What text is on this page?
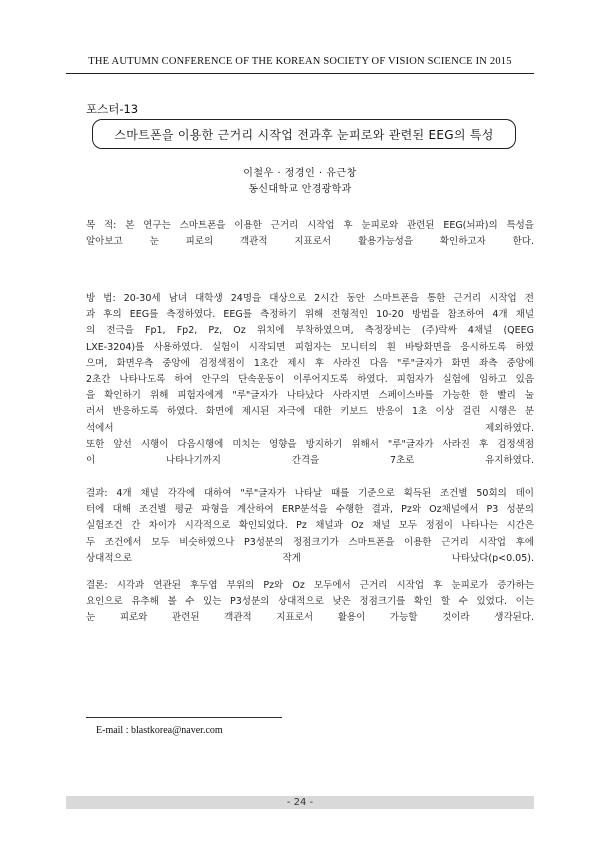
THE AUTUMN CONFERENCE OF THE KOREAN SOCIETY OF VISION SCIENCE IN 2015
포스터-13
스마트폰을 이용한 근거리 시작업 전과후 눈피로와 관련된 EEG의 특성
이철우 · 정경인 · 유근창
동신대학교 안경광학과
목 적: 본 연구는 스마트폰을 이용한 근거리 시작업 후 눈피로와 관련된 EEG(뇌파)의 특성을
알아보고 눈 피로의 객관적 지표로서 활용가능성을 확인하고자 한다.
방 법: 20-30세 남녀 대학생 24명을 대상으로 2시간 동안 스마트폰을 통한 근거리 시작업 전
과 후의 EEG를 측정하였다. EEG를 측정하기 위해 전형적인 10-20 방법을 참조하여 4개 채널
의 전극을 Fp1, Fp2, Pz, Oz 위치에 부착하였으며, 측정장비는 (주)락싸 4채널 (QEEG
LXE-3204)를 사용하였다. 실험이 시작되면 피험자는 모니터의 흰 바탕화면을 응시하도록 하였
으며, 화면우측 중앙에 검정색점이 1초간 제시 후 사라진 다음 "루"글자가 화면 좌측 중앙에
2초간 나타나도록 하여 안구의 단속운동이 이루어지도록 하였다. 피험자가 실험에 임하고 있음
을 확인하기 위해 피험자에게 "루"글자가 나타났다 사라지면 스페이스바를 가능한 한 빨리 눌
러서 반응하도록 하였다. 화면에 제시된 자극에 대한 키보드 반응이 1초 이상 걸린 시행은 분
석에서 제외하였다.
또한 앞선 시행이 다음시행에 미치는 영향을 방지하기 위해서 "루"글자가 사라진 후 검정색점
이 나타나기까지 간격을 7초로 유지하였다.
결과: 4개 채널 각각에 대하여 "루"글자가 나타날 때를 기준으로 획득된 조건별 50회의 데이
터에 대해 조건별 평균 파형을 계산하여 ERP분석을 수행한 결과, Pz와 Oz채널에서 P3 성분의
실험조건 간 차이가 시각적으로 확인되었다. Pz 채널과 Oz 채널 모두 정점이 나타나는 시간은
두 조건에서 모두 비슷하였으나 P3성분의 정점크기가 스마트폰을 이용한 근거리 시작업 후에
상대적으로 작게 나타났다(p<0.05).
결론: 시각과 연관된 후두엽 부위의 Pz와 Oz 모두에서 근거리 시작업 후 눈피로가 증가하는
요인으로 유추해 볼 수 있는 P3성분의 상대적으로 낮은 정점크기를 확인 할 수 있었다. 이는
눈 피로와 관련된 객관적 지표로서 활용이 가능할 것이라 생각된다.
E-mail : blastkorea@naver.com
- 24 -
